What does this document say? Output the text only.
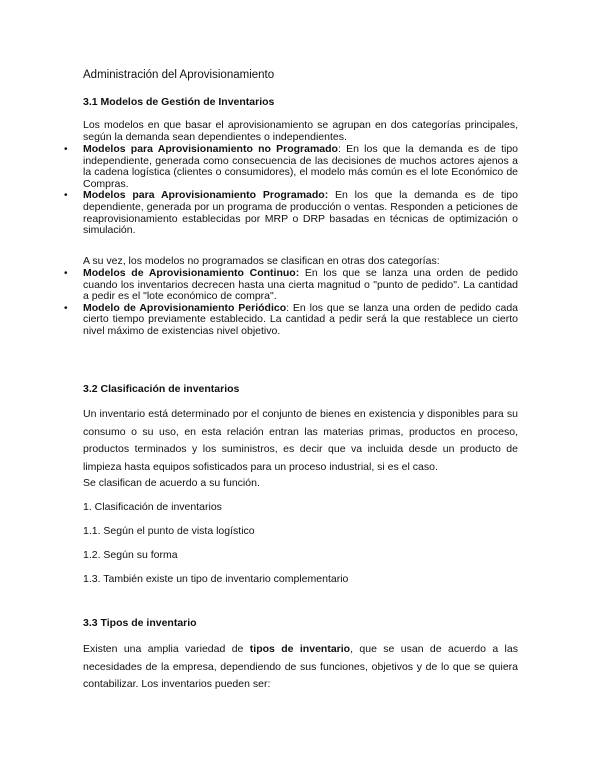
Administración del Aprovisionamiento
3.1 Modelos de Gestión de Inventarios

Los modelos en que basar el aprovisionamiento se agrupan en dos categorías principales, según la demanda sean dependientes o independientes.

• Modelos para Aprovisionamiento no Programado: En los que la demanda es de tipo independiente, generada como consecuencia de las decisiones de muchos actores ajenos a la cadena logística (clientes o consumidores), el modelo más común es el lote Económico de Compras.
• Modelos para Aprovisionamiento Programado: En los que la demanda es de tipo dependiente, generada por un programa de producción o ventas. Responden a peticiones de reaprovisionamiento establecidas por MRP o DRP basadas en técnicas de optimización o simulación.

A su vez, los modelos no programados se clasifican en otras dos categorías:

• Modelos de Aprovisionamiento Continuo: En los que se lanza una orden de pedido cuando los inventarios decrecen hasta una cierta magnitud o "punto de pedido". La cantidad a pedir es el "lote económico de compra".
• Modelo de Aprovisionamiento Periódico: En los que se lanza una orden de pedido cada cierto tiempo previamente establecido. La cantidad a pedir será la que restablece un cierto nivel máximo de existencias nivel objetivo.
3.2 Clasificación de inventarios

Un inventario está determinado por el conjunto de bienes en existencia y disponibles para su consumo o su uso, en esta relación entran las materias primas, productos en proceso, productos terminados y los suministros, es decir que va incluida desde un producto de limpieza hasta equipos sofisticados para un proceso industrial, si es el caso.

Se clasifican de acuerdo a su función.
1. Clasificación de inventarios
1.1. Según el punto de vista logístico
1.2. Según su forma
1.3. También existe un tipo de inventario complementario
3.3 Tipos de inventario

Existen una amplia variedad de tipos de inventario, que se usan de acuerdo a las necesidades de la empresa, dependiendo de sus funciones, objetivos y de lo que se quiera contabilizar. Los inventarios pueden ser:
